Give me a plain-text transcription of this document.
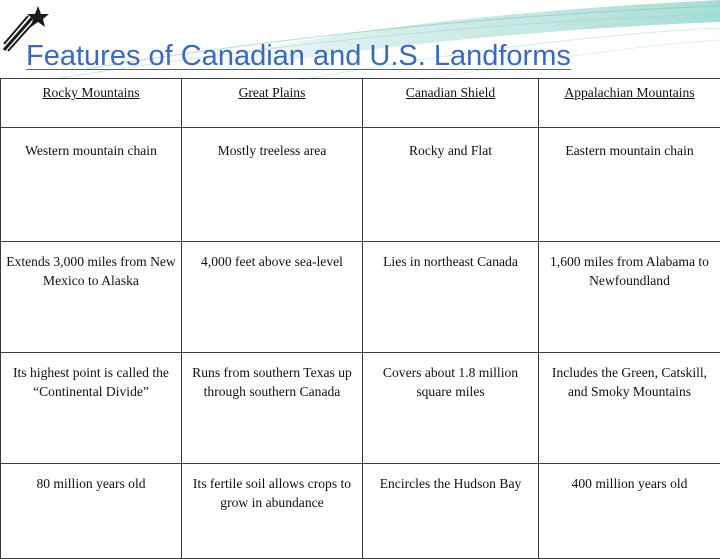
Features of Canadian and U.S. Landforms
Rocky Mountains	Great Plains	Canadian Shield	Appalachian Mountains
Western mountain chain	Mostly treeless area	Rocky and Flat	Eastern mountain chain
Extends 3,000 miles from New Mexico to Alaska	4,000 feet above sea-level	Lies in northeast Canada	1,600 miles from Alabama to Newfoundland
Its highest point is called the “Continental Divide”	Runs from southern Texas up through southern Canada	Covers about 1.8 million square miles	Includes the Green, Catskill, and Smoky Mountains
80 million years old	Its fertile soil allows crops to grow in abundance	Encircles the Hudson Bay	400 million years old
